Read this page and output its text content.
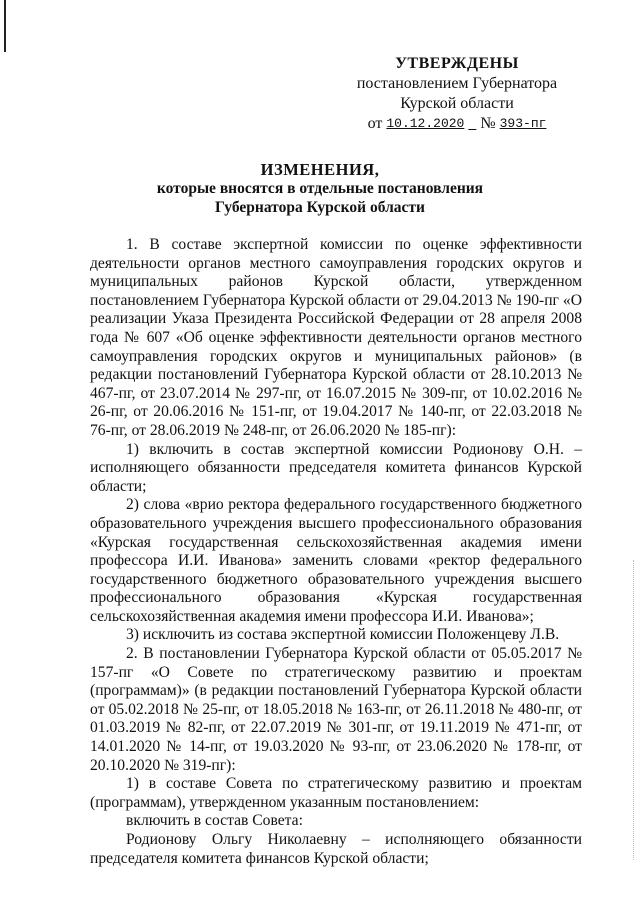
УТВЕРЖДЕНЫ
постановлением Губернатора
Курской области
от 10.12.2020
№ 393-пг
ИЗМЕНЕНИЯ,
которые вносятся в отдельные постановления
Губернатора Курской области

1. В составе экспертной комиссии по оценке эффективности деятельности органов местного самоуправления городских округов и муниципальных районов Курской области, утвержденном постановлением Губернатора Курской области от 29.04.2013 № 190-пг «О реализации Указа Президента Российской Федерации от 28 апреля 2008 года № 607 «Об оценке эффективности деятельности органов местного самоуправления городских округов и муниципальных районов» (в редакции постановлений Губернатора Курской области от 28.10.2013 № 467-пг, от 23.07.2014 № 297-пг, от 16.07.2015 № 309-пг, от 10.02.2016 № 26-пг, от 20.06.2016 № 151-пг, от 19.04.2017 № 140-пг, от 22.03.2018 № 76-пг, от 28.06.2019 № 248-пг, от 26.06.2020 № 185-пг):

1) включить в состав экспертной комиссии Родионову О.Н. – исполняющего обязанности председателя комитета финансов Курской области;

2) слова «врио ректора федерального государственного бюджетного образовательного учреждения высшего профессионального образования «Курская государственная сельскохозяйственная академия имени профессора И.И. Иванова» заменить словами «ректор федерального государственного бюджетного образовательного учреждения высшего профессионального образования «Курская государственная сельскохозяйственная академия имени профессора И.И. Иванова»;

3) исключить из состава экспертной комиссии Положенцеву Л.В.

2. В постановлении Губернатора Курской области от 05.05.2017 № 157-пг «О Совете по стратегическому развитию и проектам (программам)» (в редакции постановлений Губернатора Курской области от 05.02.2018 № 25-пг, от 18.05.2018 № 163-пг, от 26.11.2018 № 480-пг, от 01.03.2019 № 82-пг, от 22.07.2019 № 301-пг, от 19.11.2019 № 471-пг, от 14.01.2020 № 14-пг, от 19.03.2020 № 93-пг, от 23.06.2020 № 178-пг, от 20.10.2020 № 319-пг):

1) в составе Совета по стратегическому развитию и проектам (программам), утвержденном указанным постановлением:

включить в состав Совета:

Родионову Ольгу Николаевну – исполняющего обязанности председателя комитета финансов Курской области;
